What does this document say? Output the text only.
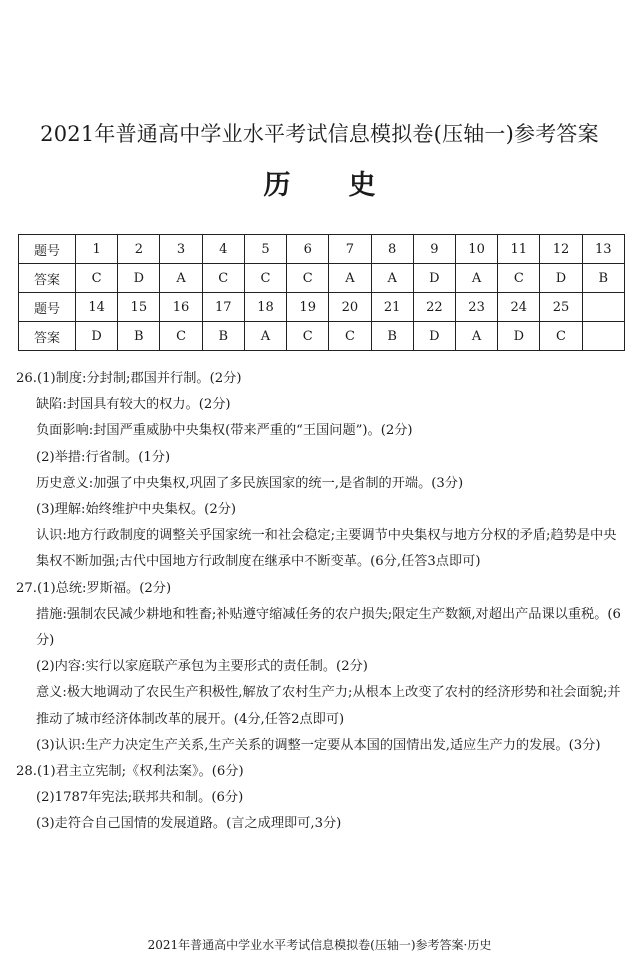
2021年普通高中学业水平考试信息模拟卷(压轴一)参考答案
历 史
题号	1	2	3	4	5	6	7	8	9	10	11	12	13
答案	C	D	A	C	C	C	A	A	D	A	C	D	B
题号	14	15	16	17	18	19	20	21	22	23	24	25	
答案	D	B	C	B	A	C	C	B	D	A	D	C	

26.(1)制度:分封制;郡国并行制。(2分)

缺陷:封国具有较大的权力。(2分)

负面影响:封国严重威胁中央集权(带来严重的“王国问题”)。(2分)

(2)举措:行省制。(1分)

历史意义:加强了中央集权,巩固了多民族国家的统一,是省制的开端。(3分)

(3)理解:始终维护中央集权。(2分)

认识:地方行政制度的调整关乎国家统一和社会稳定;主要调节中央集权与地方分权的矛盾;趋势是中央集权不断加强;古代中国地方行政制度在继承中不断变革。(6分,任答3点即可)

27.(1)总统:罗斯福。(2分)

措施:强制农民减少耕地和牲畜;补贴遵守缩减任务的农户损失;限定生产数额,对超出产品课以重税。(6分)

(2)内容:实行以家庭联产承包为主要形式的责任制。(2分)

意义:极大地调动了农民生产积极性,解放了农村生产力;从根本上改变了农村的经济形势和社会面貌;并推动了城市经济体制改革的展开。(4分,任答2点即可)

(3)认识:生产力决定生产关系,生产关系的调整一定要从本国的国情出发,适应生产力的发展。(3分)

28.(1)君主立宪制;《权利法案》。(6分)

(2)1787年宪法;联邦共和制。(6分)

(3)走符合自己国情的发展道路。(言之成理即可,3分)

2021年普通高中学业水平考试信息模拟卷(压轴一)参考答案·历史
